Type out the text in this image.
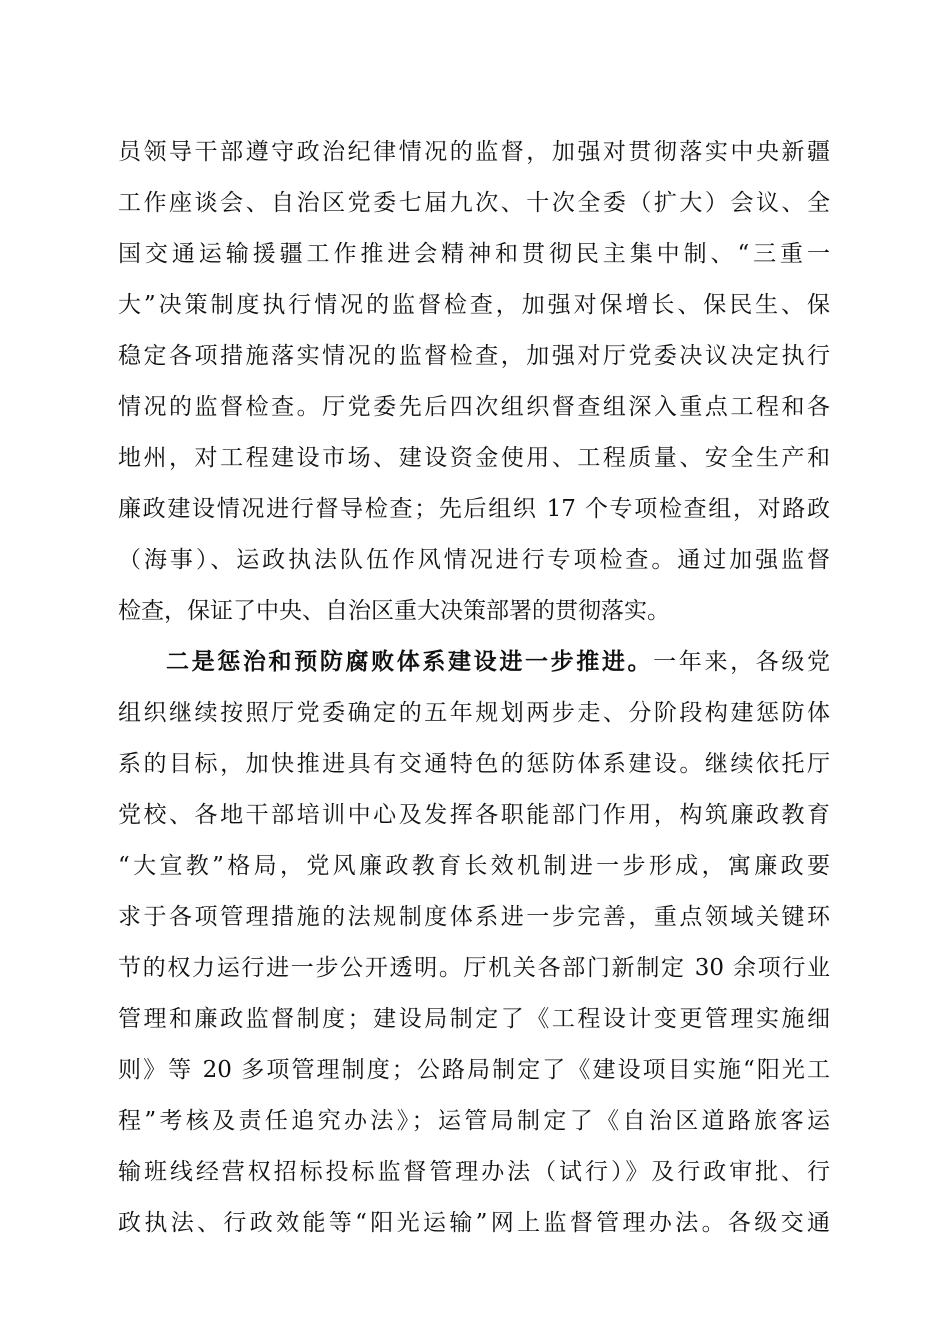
员领导干部遵守政治纪律情况的监督，加强对贯彻落实中央新疆
工作座谈会、自治区党委七届九次、十次全委（扩大）会议、全
国交通运输援疆工作推进会精神和贯彻民主集中制、“三重一
大”决策制度执行情况的监督检查，加强对保增长、保民生、保
稳定各项措施落实情况的监督检查，加强对厅党委决议决定执行
情况的监督检查。厅党委先后四次组织督查组深入重点工程和各
地州，对工程建设市场、建设资金使用、工程质量、安全生产和
廉政建设情况进行督导检查；先后组织 17 个专项检查组，对路政
（海事）、运政执法队伍作风情况进行专项检查。通过加强监督
检查，保证了中央、自治区重大决策部署的贯彻落实。
二是惩治和预防腐败体系建设进一步推进。一年来，各级党
组织继续按照厅党委确定的五年规划两步走、分阶段构建惩防体
系的目标，加快推进具有交通特色的惩防体系建设。继续依托厅
党校、各地干部培训中心及发挥各职能部门作用，构筑廉政教育
“大宣教”格局，党风廉政教育长效机制进一步形成，寓廉政要
求于各项管理措施的法规制度体系进一步完善，重点领域关键环
节的权力运行进一步公开透明。厅机关各部门新制定 30 余项行业
管理和廉政监督制度；建设局制定了《工程设计变更管理实施细
则》等 20 多项管理制度；公路局制定了《建设项目实施“阳光工
程”考核及责任追究办法》；运管局制定了《自治区道路旅客运
输班线经营权招标投标监督管理办法（试行）》及行政审批、行
政执法、行政效能等“阳光运输”网上监督管理办法。各级交通
